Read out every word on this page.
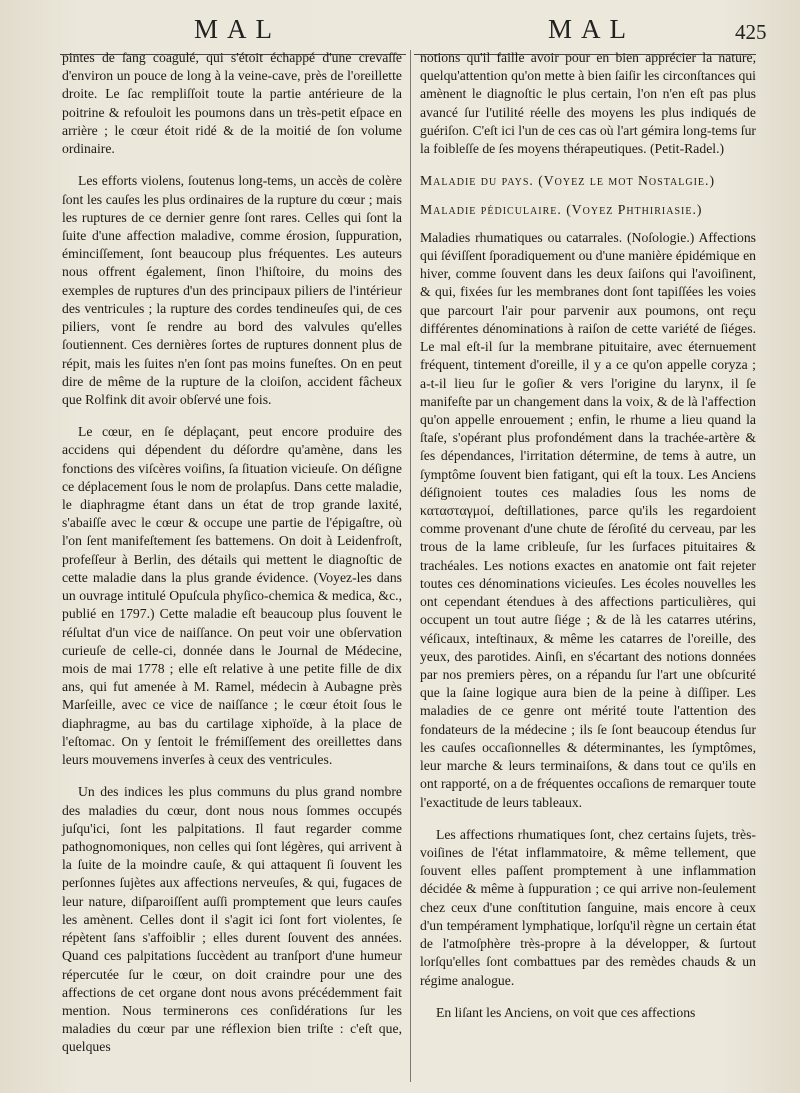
MAL	MAL	425

pintes de ſang coagulé, qui s'étoit échappé d'une crevaſſe d'environ un pouce de long à la veine-cave, près de l'oreillette droite. Le ſac rempliſſoit toute la partie antérieure de la poitrine & refouloit les poumons dans un très-petit eſpace en arrière ; le cœur étoit ridé & de la moitié de ſon volume ordinaire.

Les efforts violens, ſoutenus long-tems, un accès de colère ſont les cauſes les plus ordinaires de la rupture du cœur ; mais les ruptures de ce dernier genre ſont rares. Celles qui ſont la ſuite d'une affection maladive, comme érosion, ſuppuration, éminciſſement, ſont beaucoup plus fréquentes. Les auteurs nous offrent également, ſinon l'hiſtoire, du moins des exemples de ruptures d'un des principaux piliers de l'intérieur des ventricules ; la rupture des cordes tendineuſes qui, de ces piliers, vont ſe rendre au bord des valvules qu'elles ſoutiennent. Ces dernières ſortes de ruptures donnent plus de répit, mais les ſuites n'en ſont pas moins funeſtes. On en peut dire de même de la rupture de la cloiſon, accident fâcheux que Rolfink dit avoir obſervé une fois.

Le cœur, en ſe déplaçant, peut encore produire des accidens qui dépendent du déſordre qu'amène, dans les fonctions des viſcères voiſins, ſa ſituation vicieuſe. On déſigne ce déplacement ſous le nom de prolapſus. Dans cette maladie, le diaphragme étant dans un état de trop grande laxité, s'abaiſſe avec le cœur & occupe une partie de l'épigaſtre, où l'on ſent manifeſtement ſes battemens. On doit à Leidenfroſt, profeſſeur à Berlin, des détails qui mettent le diagnoſtic de cette maladie dans la plus grande évidence. (Voyez-les dans un ouvrage intitulé Opuſcula phyſico-chemica & medica, &c., publié en 1797.) Cette maladie eſt beaucoup plus ſouvent le réſultat d'un vice de naiſſance. On peut voir une obſervation curieuſe de celle-ci, donnée dans le Journal de Médecine, mois de mai 1778 ; elle eſt relative à une petite fille de dix ans, qui fut amenée à M. Ramel, médecin à Aubagne près Marſeille, avec ce vice de naiſſance ; le cœur étoit ſous le diaphragme, au bas du cartilage xiphoïde, à la place de l'eſtomac. On y ſentoit le frémiſſement des oreillettes dans leurs mouvemens inverſes à ceux des ventricules.

Un des indices les plus communs du plus grand nombre des maladies du cœur, dont nous nous ſommes occupés juſqu'ici, ſont les palpitations. Il faut regarder comme pathognomoniques, non celles qui ſont légères, qui arrivent à la ſuite de la moindre cauſe, & qui attaquent ſi ſouvent les perſonnes ſujètes aux affections nerveuſes, & qui, fugaces de leur nature, diſparoiſſent auſſi promptement que leurs cauſes les amènent. Celles dont il s'agit ici ſont fort violentes, ſe répètent ſans s'affoiblir ; elles durent ſouvent des années. Quand ces palpitations ſuccèdent au tranſport d'une humeur répercutée ſur le cœur, on doit craindre pour une des affections de cet organe dont nous avons précédemment fait mention. Nous terminerons ces conſidérations ſur les maladies du cœur par une réflexion bien triſte : c'eſt que, quelques

notions qu'il faille avoir pour en bien apprécier la nature, quelqu'attention qu'on mette à bien ſaiſir les circonſtances qui amènent le diagnoſtic le plus certain, l'on n'en eſt pas plus avancé ſur l'utilité réelle des moyens les plus indiqués de guériſon. C'eſt ici l'un de ces cas où l'art gémira long-tems ſur la foibleſſe de ſes moyens thérapeutiques. (Petit-Radel.)

Maladie du pays. (Voyez le mot Nostalgie.)

Maladie pédiculaire. (Voyez Phthiriasie.)

Maladies rhumatiques ou catarrales. (Noſologie.) Affections qui ſéviſſent ſporadiquement ou d'une manière épidémique en hiver, comme ſouvent dans les deux ſaiſons qui l'avoiſinent, & qui, fixées ſur les membranes dont ſont tapiſſées les voies que parcourt l'air pour parvenir aux poumons, ont reçu différentes dénominations à raiſon de cette variété de ſiéges. Le mal eſt-il ſur la membrane pituitaire, avec éternuement fréquent, tintement d'oreille, il y a ce qu'on appelle coryza ; a-t-il lieu ſur le goſier & vers l'origine du larynx, il ſe manifeſte par un changement dans la voix, & de là l'affection qu'on appelle enrouement ; enfin, le rhume a lieu quand la ſtaſe, s'opérant plus profondément dans la trachée-artère & ſes dépendances, l'irritation détermine, de tems à autre, un ſymptôme ſouvent bien fatigant, qui eſt la toux. Les Anciens déſignoient toutes ces maladies ſous les noms de κατασταγμοί, deſtillationes, parce qu'ils les regardoient comme provenant d'une chute de ſéroſité du cerveau, par les trous de la lame cribleuſe, ſur les ſurfaces pituitaires & trachéales. Les notions exactes en anatomie ont fait rejeter toutes ces dénominations vicieuſes. Les écoles nouvelles les ont cependant étendues à des affections particulières, qui occupent un tout autre ſiége ; & de là les catarres utérins, véſicaux, inteſtinaux, & même les catarres de l'oreille, des yeux, des parotides. Ainſi, en s'écartant des notions données par nos premiers pères, on a répandu ſur l'art une obſcurité que la ſaine logique aura bien de la peine à diſſiper. Les maladies de ce genre ont mérité toute l'attention des fondateurs de la médecine ; ils ſe ſont beaucoup étendus ſur les cauſes occaſionnelles & déterminantes, les ſymptômes, leur marche & leurs terminaiſons, & dans tout ce qu'ils en ont rapporté, on a de fréquentes occaſions de remarquer toute l'exactitude de leurs tableaux.

Les affections rhumatiques ſont, chez certains ſujets, très-voiſines de l'état inflammatoire, & même tellement, que ſouvent elles paſſent promptement à une inflammation décidée & même à ſuppuration ; ce qui arrive non-ſeulement chez ceux d'une conſtitution ſanguine, mais encore à ceux d'un tempérament lymphatique, lorſqu'il règne un certain état de l'atmoſphère très-propre à la développer, & ſurtout lorſqu'elles ſont combattues par des remèdes chauds & un régime analogue.

En liſant les Anciens, on voit que ces affections
